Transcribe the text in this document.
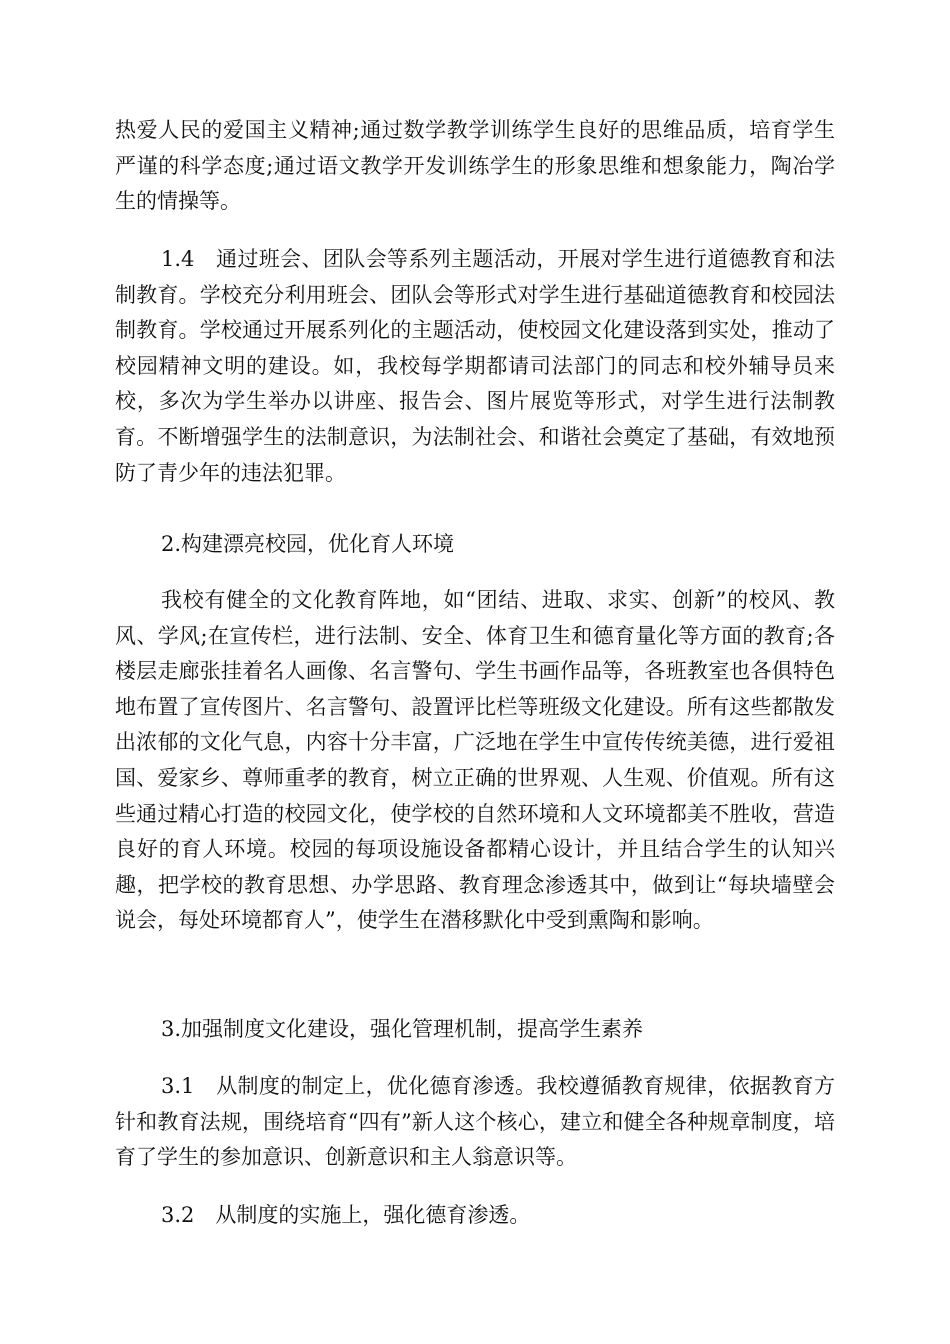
热爱人民的爱国主义精神;通过数学教学训练学生良好的思维品质，培育学生严谨的科学态度;通过语文教学开发训练学生的形象思维和想象能力，陶冶学生的情操等。

1.4　通过班会、团队会等系列主题活动，开展对学生进行道德教育和法制教育。学校充分利用班会、团队会等形式对学生进行基础道德教育和校园法制教育。学校通过开展系列化的主题活动，使校园文化建设落到实处，推动了校园精神文明的建设。如，我校每学期都请司法部门的同志和校外辅导员来校，多次为学生举办以讲座、报告会、图片展览等形式，对学生进行法制教育。不断增强学生的法制意识，为法制社会、和谐社会奠定了基础，有效地预防了青少年的违法犯罪。

2.构建漂亮校园，优化育人环境

我校有健全的文化教育阵地，如“团结、进取、求实、创新”的校风、教风、学风;在宣传栏，进行法制、安全、体育卫生和德育量化等方面的教育;各楼层走廊张挂着名人画像、名言警句、学生书画作品等，各班教室也各俱特色地布置了宣传图片、名言警句、設置评比栏等班级文化建设。所有这些都散发出浓郁的文化气息，内容十分丰富，广泛地在学生中宣传传统美德，进行爱祖国、爱家乡、尊师重孝的教育，树立正确的世界观、人生观、价值观。所有这些通过精心打造的校园文化，使学校的自然环境和人文环境都美不胜收，营造良好的育人环境。校园的每项设施设备都精心设计，并且结合学生的认知兴趣，把学校的教育思想、办学思路、教育理念渗透其中，做到让“每块墙壁会说会，每处环境都育人”，使学生在潜移默化中受到熏陶和影响。

3.加强制度文化建设，强化管理机制，提高学生素养

3.1　从制度的制定上，优化德育渗透。我校遵循教育规律，依据教育方针和教育法规，围绕培育“四有”新人这个核心，建立和健全各种规章制度，培育了学生的参加意识、创新意识和主人翁意识等。

3.2　从制度的实施上，强化德育渗透。
